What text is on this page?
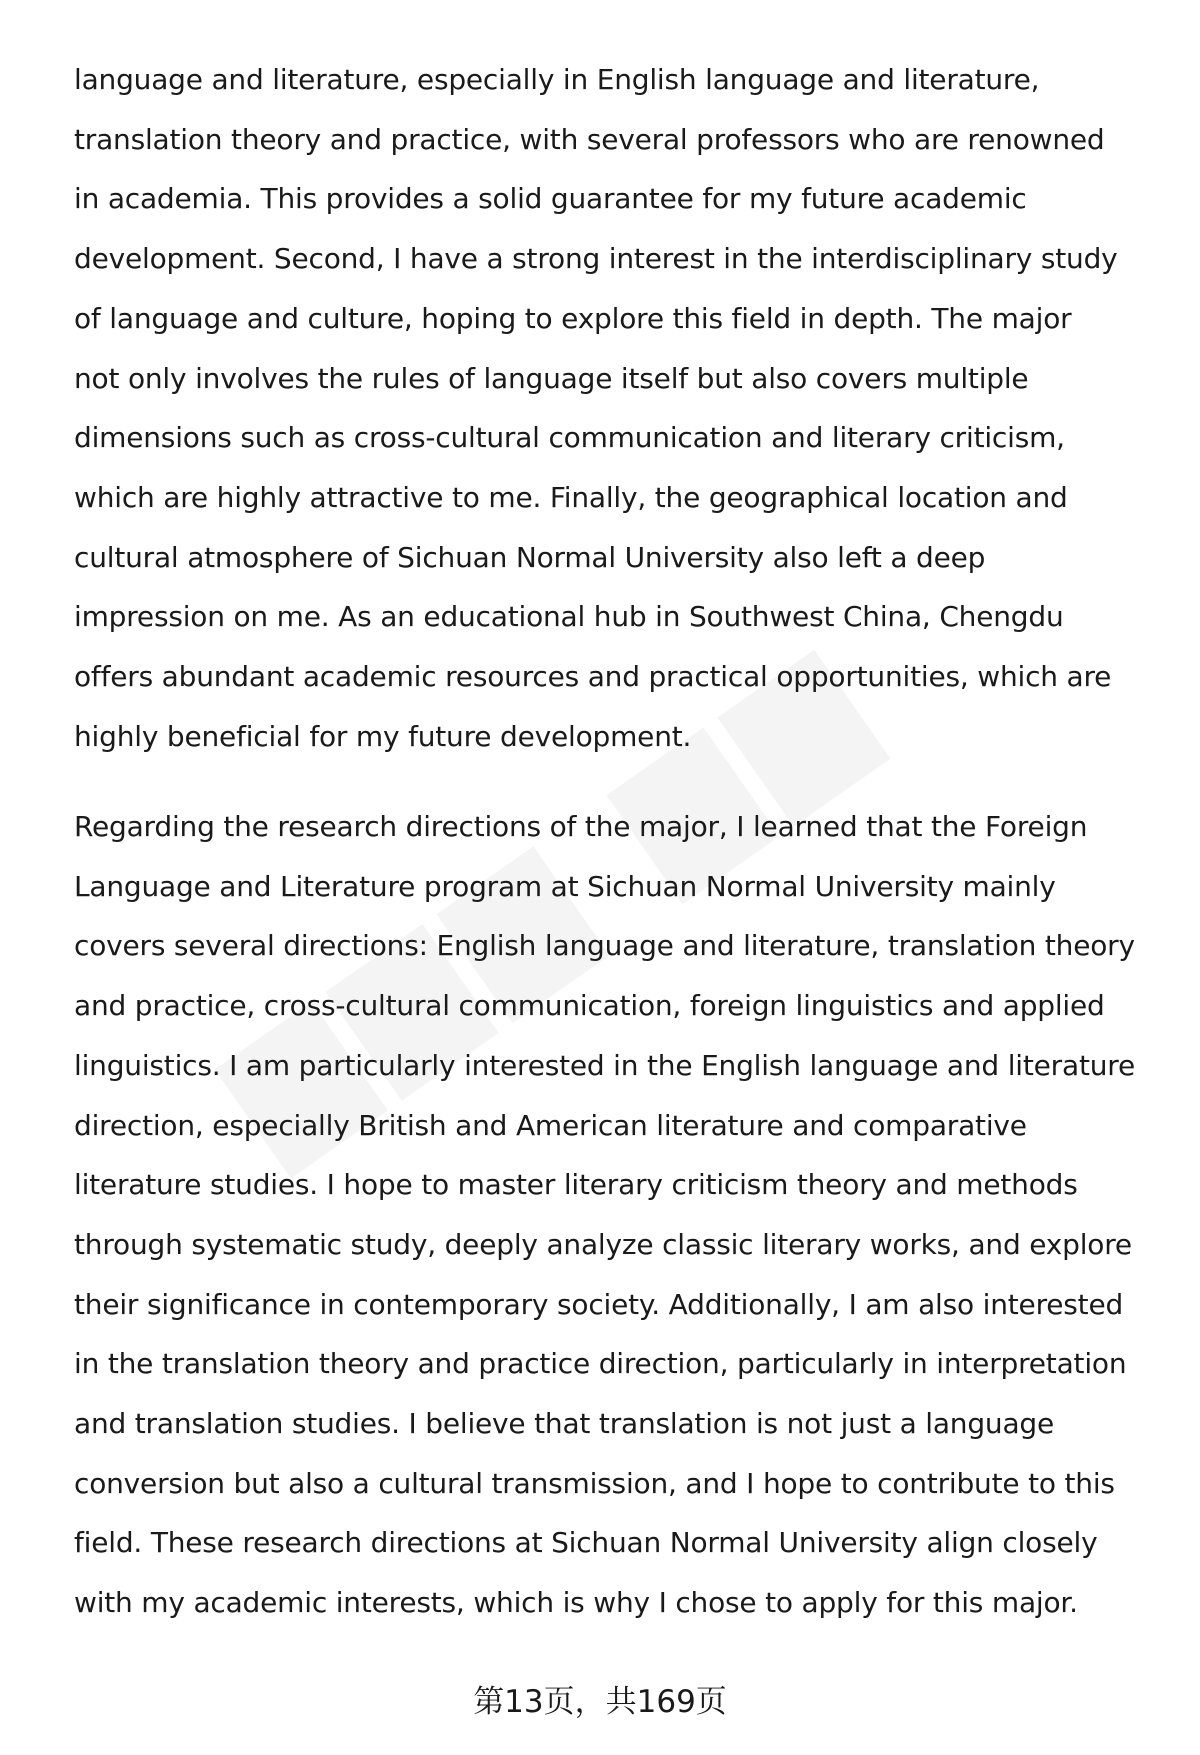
language and literature, especially in English language and literature,
translation theory and practice, with several professors who are renowned
in academia. This provides a solid guarantee for my future academic
development. Second, I have a strong interest in the interdisciplinary study
of language and culture, hoping to explore this field in depth. The major
not only involves the rules of language itself but also covers multiple
dimensions such as cross-cultural communication and literary criticism,
which are highly attractive to me. Finally, the geographical location and
cultural atmosphere of Sichuan Normal University also left a deep
impression on me. As an educational hub in Southwest China, Chengdu
offers abundant academic resources and practical opportunities, which are
highly beneficial for my future development.
Regarding the research directions of the major, I learned that the Foreign
Language and Literature program at Sichuan Normal University mainly
covers several directions: English language and literature, translation theory
and practice, cross-cultural communication, foreign linguistics and applied
linguistics. I am particularly interested in the English language and literature
direction, especially British and American literature and comparative
literature studies. I hope to master literary criticism theory and methods
through systematic study, deeply analyze classic literary works, and explore
their significance in contemporary society. Additionally, I am also interested
in the translation theory and practice direction, particularly in interpretation
and translation studies. I believe that translation is not just a language
conversion but also a cultural transmission, and I hope to contribute to this
field. These research directions at Sichuan Normal University align closely
with my academic interests, which is why I chose to apply for this major.
第13页，共169页
